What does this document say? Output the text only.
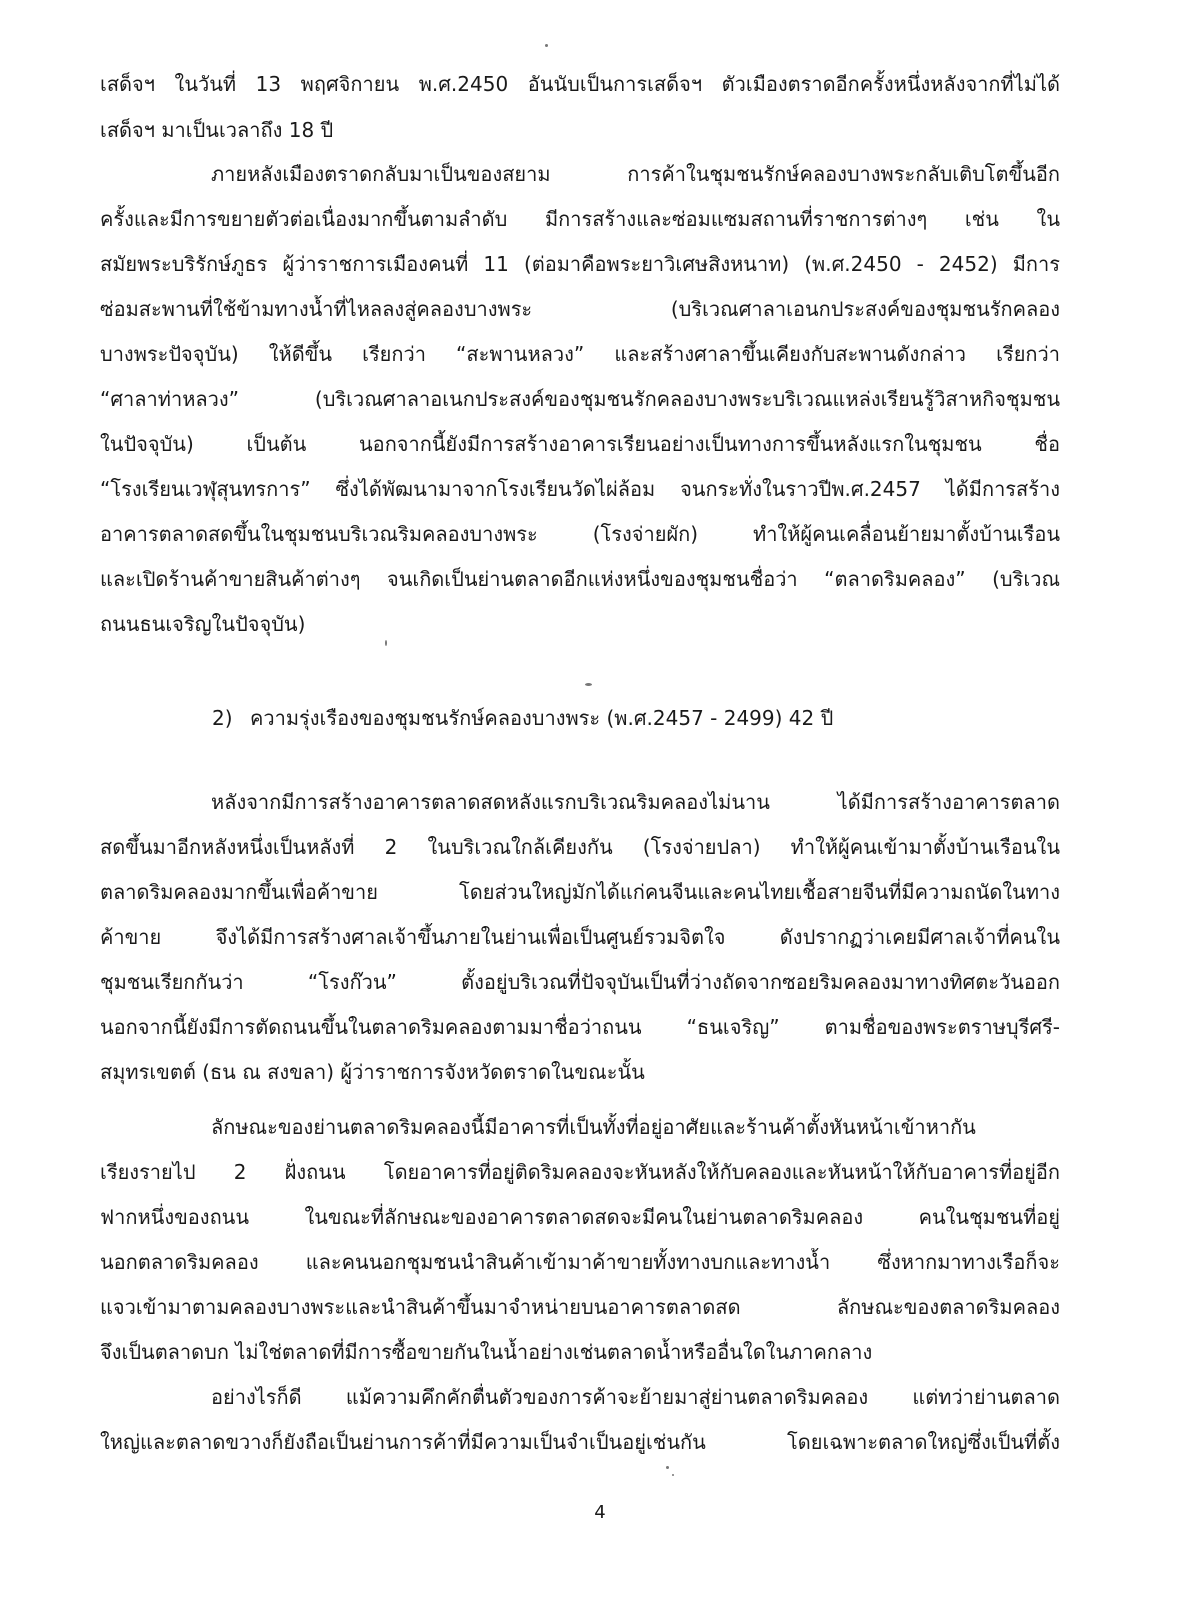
เสด็จฯ ในวันที่ 13 พฤศจิกายน พ.ศ.2450 อันนับเป็นการเสด็จฯ ตัวเมืองตราดอีกครั้งหนึ่งหลังจากที่ไม่ได้
เสด็จฯ มาเป็นเวลาถึง 18 ปี
ภายหลังเมืองตราดกลับมาเป็นของสยาม การค้าในชุมชนรักษ์คลองบางพระกลับเติบโตขึ้นอีก
ครั้งและมีการขยายตัวต่อเนื่องมากขึ้นตามลำดับ มีการสร้างและซ่อมแซมสถานที่ราชการต่างๆ เช่น ใน
สมัยพระบริรักษ์ภูธร ผู้ว่าราชการเมืองคนที่ 11 (ต่อมาคือพระยาวิเศษสิงหนาท) (พ.ศ.2450 - 2452) มีการ
ซ่อมสะพานที่ใช้ข้ามทางน้ำที่ไหลลงสู่คลองบางพระ (บริเวณศาลาเอนกประสงค์ของชุมชนรักคลอง
บางพระปัจจุบัน) ให้ดีขึ้น เรียกว่า “สะพานหลวง” และสร้างศาลาขึ้นเคียงกับสะพานดังกล่าว เรียกว่า
“ศาลาท่าหลวง” (บริเวณศาลาอเนกประสงค์ของชุมชนรักคลองบางพระบริเวณแหล่งเรียนรู้วิสาหกิจชุมชน
ในปัจจุบัน) เป็นต้น นอกจากนี้ยังมีการสร้างอาคารเรียนอย่างเป็นทางการขึ้นหลังแรกในชุมชน ชื่อ
“โรงเรียนเวฬุสุนทรการ” ซึ่งได้พัฒนามาจากโรงเรียนวัดไผ่ล้อม จนกระทั่งในราวปีพ.ศ.2457 ได้มีการสร้าง
อาคารตลาดสดขึ้นในชุมชนบริเวณริมคลองบางพระ (โรงจ่ายผัก) ทำให้ผู้คนเคลื่อนย้ายมาตั้งบ้านเรือน
และเปิดร้านค้าขายสินค้าต่างๆ จนเกิดเป็นย่านตลาดอีกแห่งหนึ่งของชุมชนชื่อว่า “ตลาดริมคลอง” (บริเวณ
ถนนธนเจริญในปัจจุบัน)
2) ความรุ่งเรืองของชุมชนรักษ์คลองบางพระ (พ.ศ.2457 - 2499) 42 ปี
หลังจากมีการสร้างอาคารตลาดสดหลังแรกบริเวณริมคลองไม่นาน ได้มีการสร้างอาคารตลาด
สดขึ้นมาอีกหลังหนึ่งเป็นหลังที่ 2 ในบริเวณใกล้เคียงกัน (โรงจ่ายปลา) ทำให้ผู้คนเข้ามาตั้งบ้านเรือนใน
ตลาดริมคลองมากขึ้นเพื่อค้าขาย โดยส่วนใหญ่มักได้แก่คนจีนและคนไทยเชื้อสายจีนที่มีความถนัดในทาง
ค้าขาย จึงได้มีการสร้างศาลเจ้าขึ้นภายในย่านเพื่อเป็นศูนย์รวมจิตใจ ดังปรากฏว่าเคยมีศาลเจ้าที่คนใน
ชุมชนเรียกกันว่า “โรงก๊วน” ตั้งอยู่บริเวณที่ปัจจุบันเป็นที่ว่างถัดจากซอยริมคลองมาทางทิศตะวันออก
นอกจากนี้ยังมีการตัดถนนขึ้นในตลาดริมคลองตามมาชื่อว่าถนน “ธนเจริญ” ตามชื่อของพระตราษบุรีศรี-
สมุทรเขตต์ (ธน ณ สงขลา) ผู้ว่าราชการจังหวัดตราดในขณะนั้น
ลักษณะของย่านตลาดริมคลองนี้มีอาคารที่เป็นทั้งที่อยู่อาศัยและร้านค้าตั้งหันหน้าเข้าหากัน
เรียงรายไป 2 ฝั่งถนน โดยอาคารที่อยู่ติดริมคลองจะหันหลังให้กับคลองและหันหน้าให้กับอาคารที่อยู่อีก
ฟากหนึ่งของถนน ในขณะที่ลักษณะของอาคารตลาดสดจะมีคนในย่านตลาดริมคลอง คนในชุมชนที่อยู่
นอกตลาดริมคลอง และคนนอกชุมชนนำสินค้าเข้ามาค้าขายทั้งทางบกและทางน้ำ ซึ่งหากมาทางเรือก็จะ
แจวเข้ามาตามคลองบางพระและนำสินค้าขึ้นมาจำหน่ายบนอาคารตลาดสด ลักษณะของตลาดริมคลอง
จึงเป็นตลาดบก ไม่ใช่ตลาดที่มีการซื้อขายกันในน้ำอย่างเช่นตลาดน้ำหรืออื่นใดในภาคกลาง
อย่างไรก็ดี แม้ความคึกคักตื่นตัวของการค้าจะย้ายมาสู่ย่านตลาดริมคลอง แต่ทว่าย่านตลาด
ใหญ่และตลาดขวางก็ยังถือเป็นย่านการค้าที่มีความเป็นจำเป็นอยู่เช่นกัน โดยเฉพาะตลาดใหญ่ซึ่งเป็นที่ตั้ง
4
